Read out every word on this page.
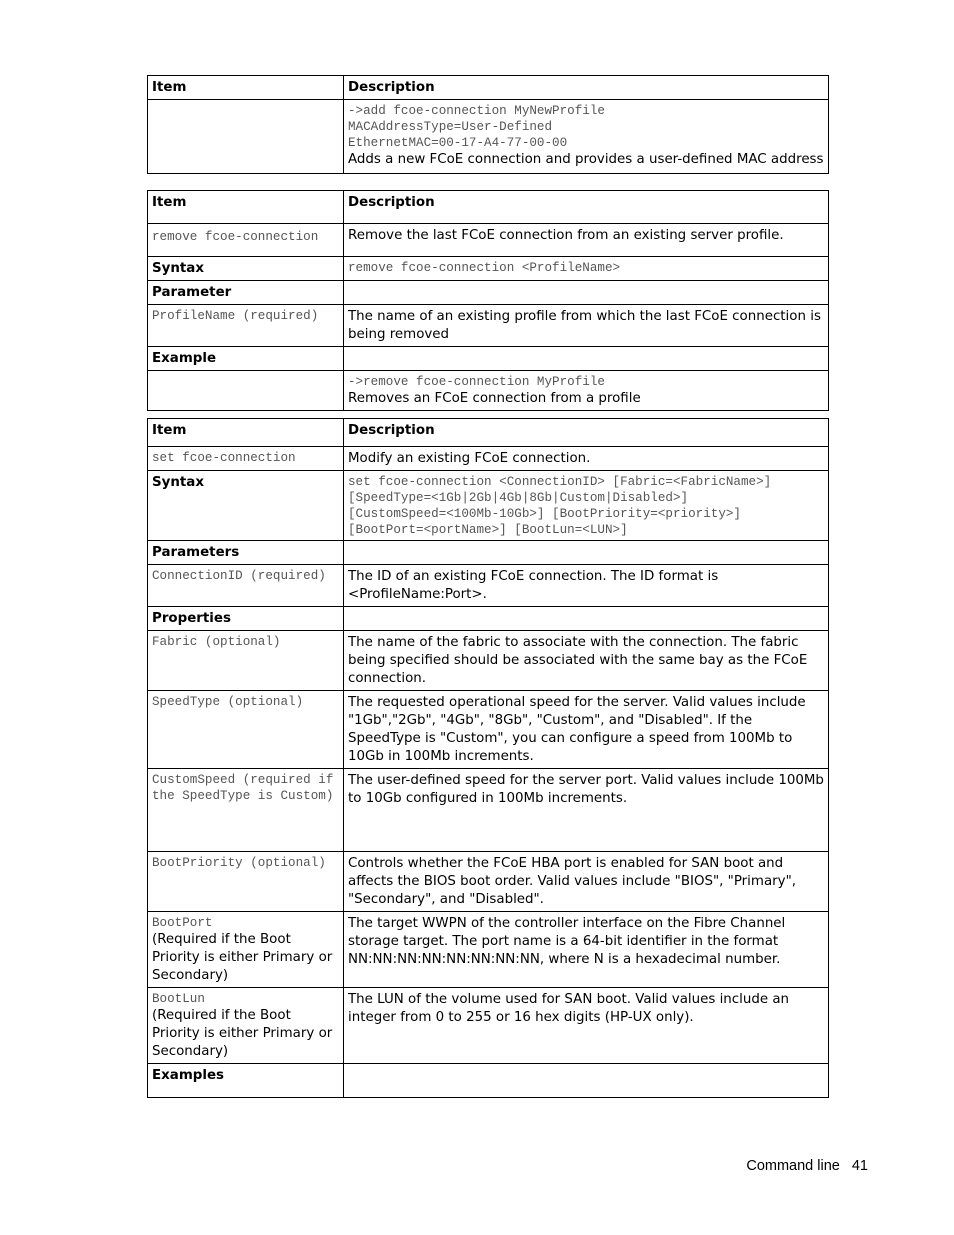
Item	Description

	->add fcoe-connection MyNewProfile
MACAddressType=User-Defined
EthernetMAC=00-17-A4-77-00-00
Adds a new FCoE connection and provides a user-defined MAC address
Item	Description

remove fcoe-connection	Remove the last FCoE connection from an existing server profile.
Syntax	remove fcoe-connection <ProfileName>

Parameter	

ProfileName (required)	The name of an existing profile from which the last FCoE connection is being removed
Example	

	->remove fcoe-connection MyProfile
Removes an FCoE connection from a profile
Item	Description

set fcoe-connection	Modify an existing FCoE connection.
Syntax	set fcoe-connection <ConnectionID> [Fabric=<FabricName>]
[SpeedType=<1Gb|2Gb|4Gb|8Gb|Custom|Disabled>]
[CustomSpeed=<100Mb-10Gb>] [BootPriority=<priority>]
[BootPort=<portName>] [BootLun=<LUN>]

Parameters	

ConnectionID (required)	The ID of an existing FCoE connection. The ID format is <ProfileName:Port>.
Properties	

Fabric (optional)	The name of the fabric to associate with the connection. The fabric being specified should be associated with the same bay as the FCoE connection.

SpeedType (optional)	The requested operational speed for the server. Valid values include "1Gb","2Gb", "4Gb", "8Gb", "Custom", and "Disabled". If the SpeedType is "Custom", you can configure a speed from 100Mb to 10Gb in 100Mb increments.

CustomSpeed (required if the SpeedType is Custom)	The user-defined speed for the server port. Valid values include 100Mb to 10Gb configured in 100Mb increments.

BootPriority (optional)	Controls whether the FCoE HBA port is enabled for SAN boot and affects the BIOS boot order. Valid values include "BIOS", "Primary", "Secondary", and "Disabled".

BootPort
(Required if the Boot Priority is either Primary or Secondary)	The target WWPN of the controller interface on the Fibre Channel storage target. The port name is a 64-bit identifier in the format NN:NN:NN:NN:NN:NN:NN:NN, where N is a hexadecimal number.

BootLun
(Required if the Boot Priority is either Primary or Secondary)	The LUN of the volume used for SAN boot. Valid values include an integer from 0 to 255 or 16 hex digits (HP-UX only).
Examples	
Command line 41
